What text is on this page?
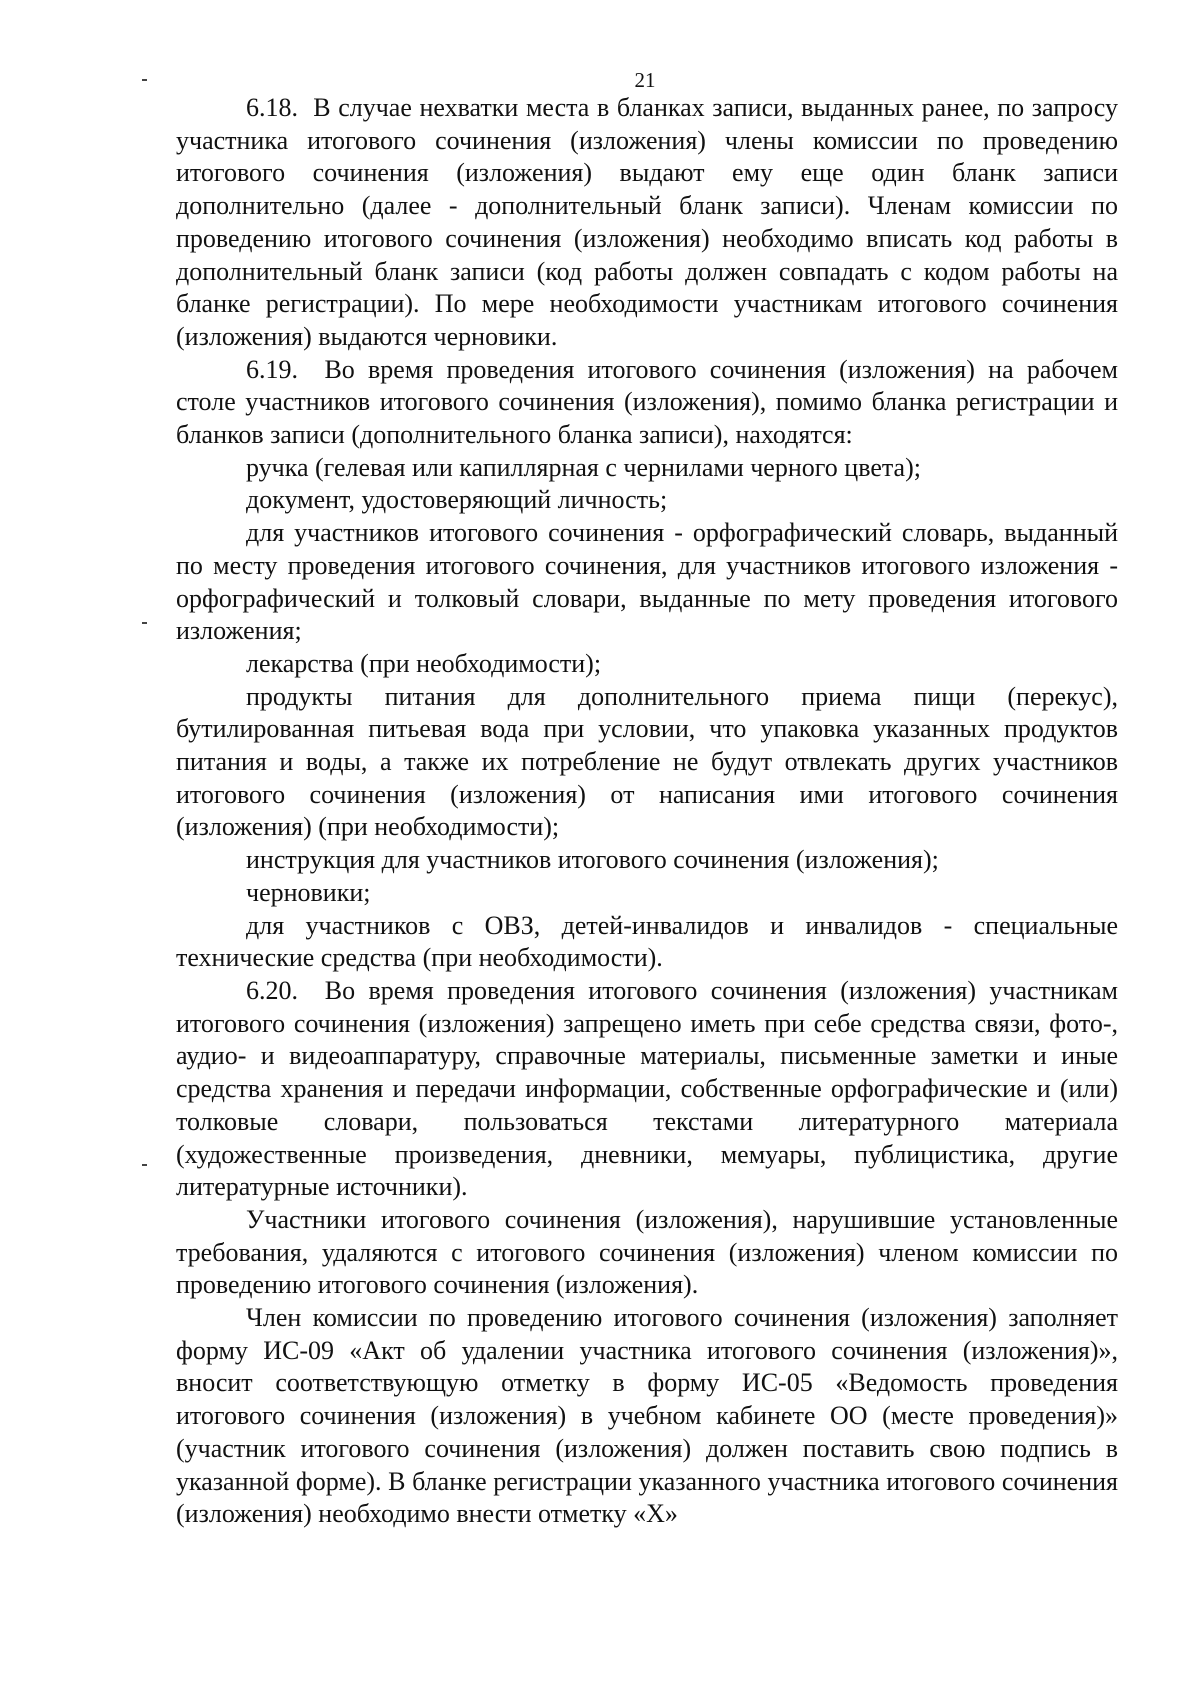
21

6.18.  В случае нехватки места в бланках записи, выданных ранее, по запросу участника итогового сочинения (изложения) члены комиссии по проведению итогового сочинения (изложения) выдают ему еще один бланк записи дополнительно (далее - дополнительный бланк записи). Членам комиссии по проведению итогового сочинения (изложения) необходимо вписать код работы в дополнительный бланк записи (код работы должен совпадать с кодом работы на бланке регистрации). По мере необходимости участникам итогового сочинения (изложения) выдаются черновики.

6.19.  Во время проведения итогового сочинения (изложения) на рабочем столе участников итогового сочинения (изложения), помимо бланка регистрации и бланков записи (дополнительного бланка записи), находятся:

ручка (гелевая или капиллярная с чернилами черного цвета);

документ, удостоверяющий личность;

для участников итогового сочинения - орфографический словарь, выданный по месту проведения итогового сочинения, для участников итогового изложения - орфографический и толковый словари, выданные по мету проведения итогового изложения;

лекарства (при необходимости);

продукты питания для дополнительного приема пищи (перекус), бутилированная питьевая вода при условии, что упаковка указанных продуктов питания и воды, а также их потребление не будут отвлекать других участников итогового сочинения (изложения) от написания ими итогового сочинения (изложения) (при необходимости);

инструкция для участников итогового сочинения (изложения);

черновики;

для участников с ОВЗ, детей-инвалидов и инвалидов - специальные технические средства (при необходимости).

6.20.  Во время проведения итогового сочинения (изложения) участникам итогового сочинения (изложения) запрещено иметь при себе средства связи, фото-, аудио- и видеоаппаратуру, справочные материалы, письменные заметки и иные средства хранения и передачи информации, собственные орфографические и (или) толковые словари, пользоваться текстами литературного материала (художественные произведения, дневники, мемуары, публицистика, другие литературные источники).

Участники итогового сочинения (изложения), нарушившие установленные требования, удаляются с итогового сочинения (изложения) членом комиссии по проведению итогового сочинения (изложения).

Член комиссии по проведению итогового сочинения (изложения) заполняет форму ИС-09 «Акт об удалении участника итогового сочинения (изложения)», вносит соответствующую отметку в форму ИС-05 «Ведомость проведения итогового сочинения (изложения) в учебном кабинете ОО (месте проведения)» (участник итогового сочинения (изложения) должен поставить свою подпись в указанной форме). В бланке регистрации указанного участника итогового сочинения (изложения) необходимо внести отметку «Х»
